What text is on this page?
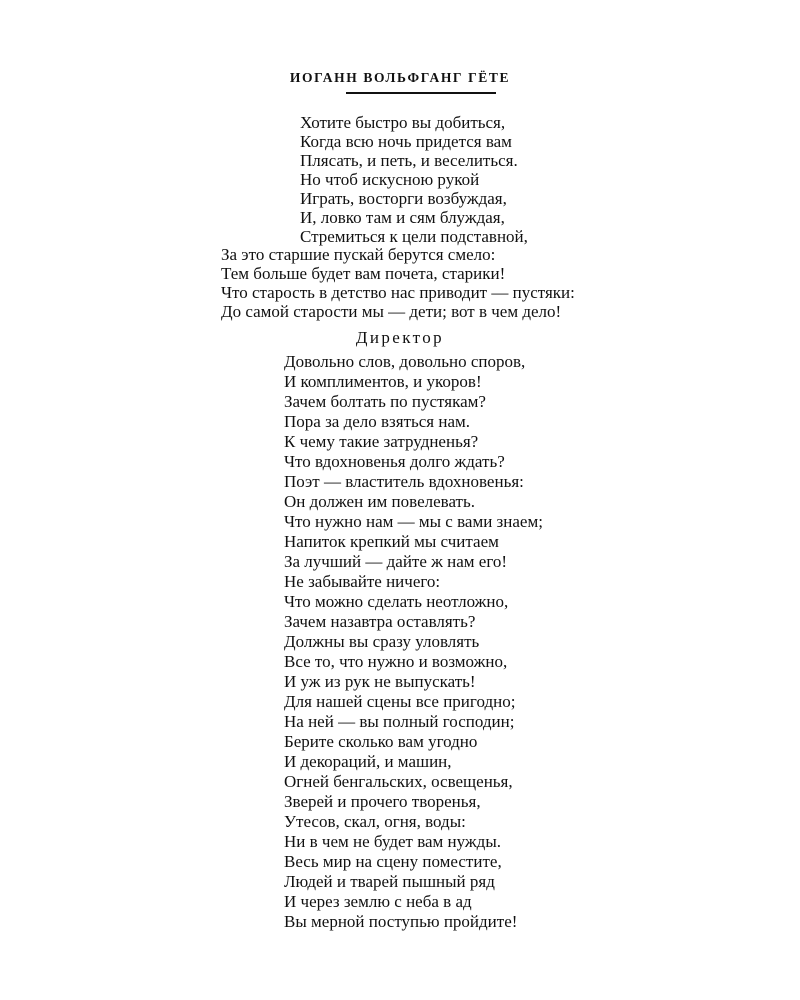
ИОГАНН ВОЛЬФГАНГ ГЁТЕ
Хотите быстро вы добиться,
Когда всю ночь придется вам
Плясать, и петь, и веселиться.
Но чтоб искусною рукой
Играть, восторги возбуждая,
И, ловко там и сям блуждая,
Стремиться к цели подставной,
За это старшие пускай берутся смело:
Тем больше будет вам почета, старики!
Что старость в детство нас приводит — пустяки:
До самой старости мы — дети; вот в чем дело!
Директор
Довольно слов, довольно споров,
И комплиментов, и укоров!
Зачем болтать по пустякам?
Пора за дело взяться нам.
К чему такие затрудненья?
Что вдохновенья долго ждать?
Поэт — властитель вдохновенья:
Он должен им повелевать.
Что нужно нам — мы с вами знаем;
Напиток крепкий мы считаем
За лучший — дайте ж нам его!
Не забывайте ничего:
Что можно сделать неотложно,
Зачем назавтра оставлять?
Должны вы сразу уловлять
Все то, что нужно и возможно,
И уж из рук не выпускать!
Для нашей сцены все пригодно;
На ней — вы полный господин;
Берите сколько вам угодно
И декораций, и машин,
Огней бенгальских, освещенья,
Зверей и прочего творенья,
Утесов, скал, огня, воды:
Ни в чем не будет вам нужды.
Весь мир на сцену поместите,
Людей и тварей пышный ряд
И через землю с неба в ад
Вы мерной поступью пройдите!
